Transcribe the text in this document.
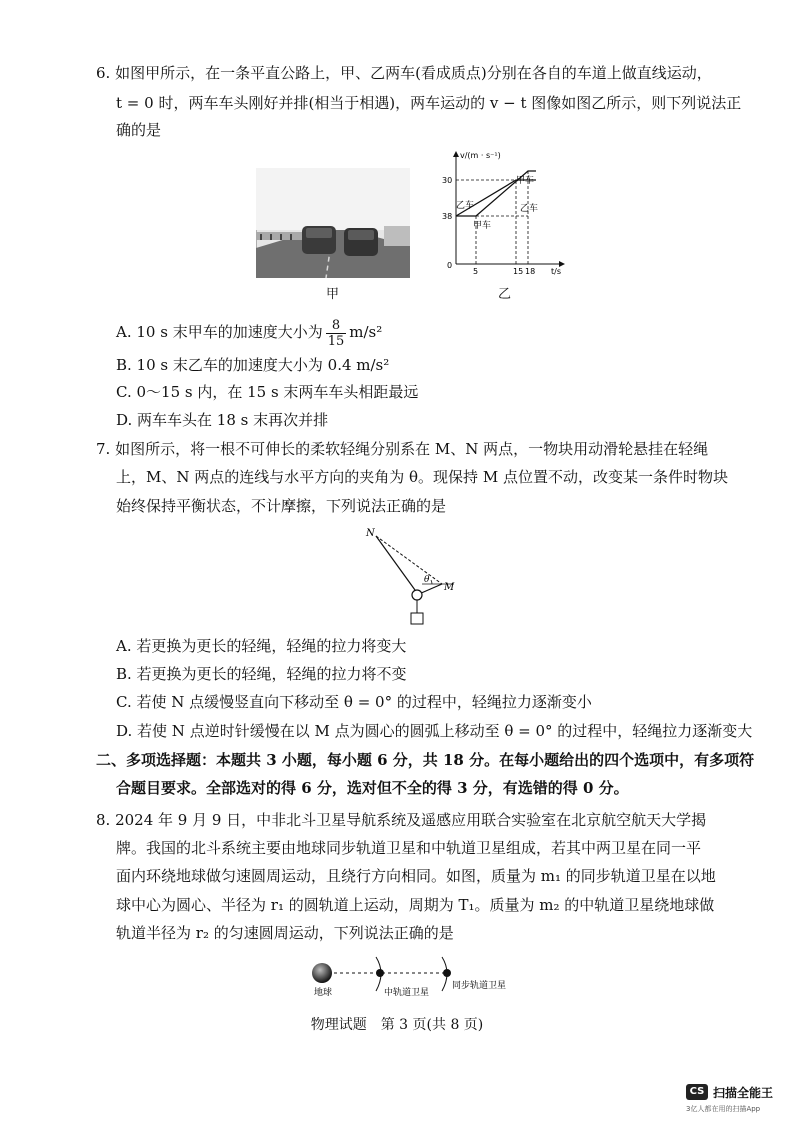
6. 如图甲所示，在一条平直公路上，甲、乙两车(看成质点)分别在各自的车道上做直线运动，
t = 0 时，两车车头刚好并排(相当于相遇)，两车运动的 v − t 图像如图乙所示，则下列说法正
确的是
甲
v/(m · s⁻¹)
t/s
0
38
30
5	15 18
甲车
乙车
乙车
甲车
乙
A. 10 s 末甲车的加速度大小为 $\frac{8}{15} m/s^2$
B. 10 s 末乙车的加速度大小为 0.4 m/s²
C. 0～15 s 内，在 15 s 末两车车头相距最远
D. 两车车头在 18 s 末再次并排
7. 如图所示，将一根不可伸长的柔软轻绳分别系在 M、N 两点，一物块用动滑轮悬挂在轻绳
上，M、N 两点的连线与水平方向的夹角为 θ。现保持 M 点位置不动，改变某一条件时物块
始终保持平衡状态，不计摩擦，下列说法正确的是
N
M
θ
A. 若更换为更长的轻绳，轻绳的拉力将变大
B. 若更换为更长的轻绳，轻绳的拉力将不变
C. 若使 N 点缓慢竖直向下移动至 θ = 0° 的过程中，轻绳拉力逐渐变小
D. 若使 N 点逆时针缓慢在以 M 点为圆心的圆弧上移动至 θ = 0° 的过程中，轻绳拉力逐渐变大
二、多项选择题：本题共 3 小题，每小题 6 分，共 18 分。在每小题给出的四个选项中，有多项符
合题目要求。全部选对的得 6 分，选对但不全的得 3 分，有选错的得 0 分。
8. 2024 年 9 月 9 日，中非北斗卫星导航系统及遥感应用联合实验室在北京航空航天大学揭
牌。我国的北斗系统主要由地球同步轨道卫星和中轨道卫星组成，若其中两卫星在同一平
面内环绕地球做匀速圆周运动，且绕行方向相同。如图，质量为 m₁ 的同步轨道卫星在以地
球中心为圆心、半径为 r₁ 的圆轨道上运动，周期为 T₁。质量为 m₂ 的中轨道卫星绕地球做
轨道半径为 r₂ 的匀速圆周运动，下列说法正确的是
地球	中轨道卫星
同步轨道卫星
物理试题　第 3 页(共 8 页)
CS 扫描全能王
3亿人都在用的扫描App
